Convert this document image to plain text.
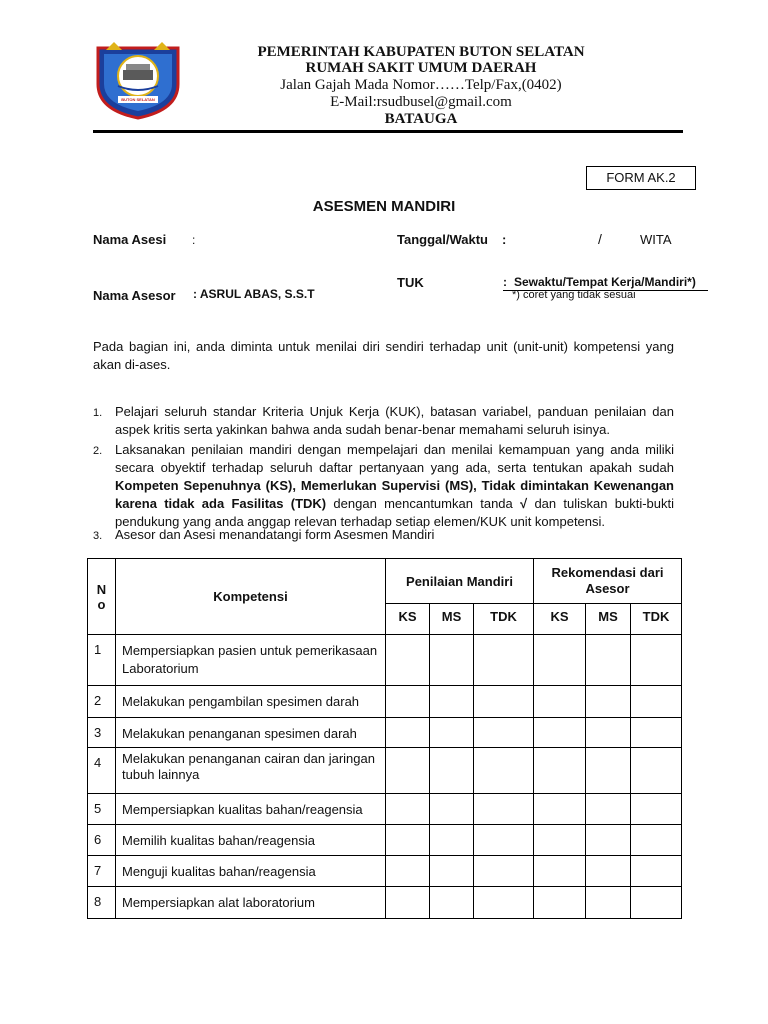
BUTON SELATAN
PEMERINTAH KABUPATEN BUTON SELATAN
RUMAH SAKIT UMUM DAERAH
Jalan Gajah Mada Nomor……Telp/Fax,(0402)
E-Mail:rsudbusel@gmail.com
BATAUGA
FORM AK.2
ASESMEN MANDIRI
Nama Asesi :	Tanggal/Waktu :	/	WITA
TUK	: Sewaktu/Tempat Kerja/Mandiri*)
*) coret yang tidak sesuai
Nama Asesor : ASRUL ABAS, S.S.T

Pada bagian ini, anda diminta untuk menilai diri sendiri terhadap unit (unit-unit) kompetensi yang akan di-ases.

1. Pelajari seluruh standar Kriteria Unjuk Kerja (KUK), batasan variabel, panduan penilaian dan aspek kritis serta yakinkan bahwa anda sudah benar-benar memahami seluruh isinya.

2. Laksanakan penilaian mandiri dengan mempelajari dan menilai kemampuan yang anda miliki secara obyektif terhadap seluruh daftar pertanyaan yang ada, serta tentukan apakah sudah Kompeten Sepenuhnya (KS), Memerlukan Supervisi (MS), Tidak dimintakan Kewenangan karena tidak ada Fasilitas (TDK) dengan mencantumkan tanda √ dan tuliskan bukti-bukti pendukung yang anda anggap relevan terhadap setiap elemen/KUK unit kompetensi.

3. Asesor dan Asesi menandatangi form Asesmen Mandiri

N
o	Kompetensi	Penilaian Mandiri			Rekomendasi dari Asesor		
		KS	MS	TDK	KS	MS	TDK
1	Mempersiapkan pasien untuk pemerikasaan Laboratorium						
2	Melakukan pengambilan spesimen darah						
3	Melakukan penanganan spesimen darah						
4	Melakukan penanganan cairan dan jaringan tubuh lainnya						
5	Mempersiapkan kualitas bahan/reagensia						
6	Memilih kualitas bahan/reagensia						
7	Menguji kualitas bahan/reagensia						
8	Mempersiapkan alat laboratorium						
